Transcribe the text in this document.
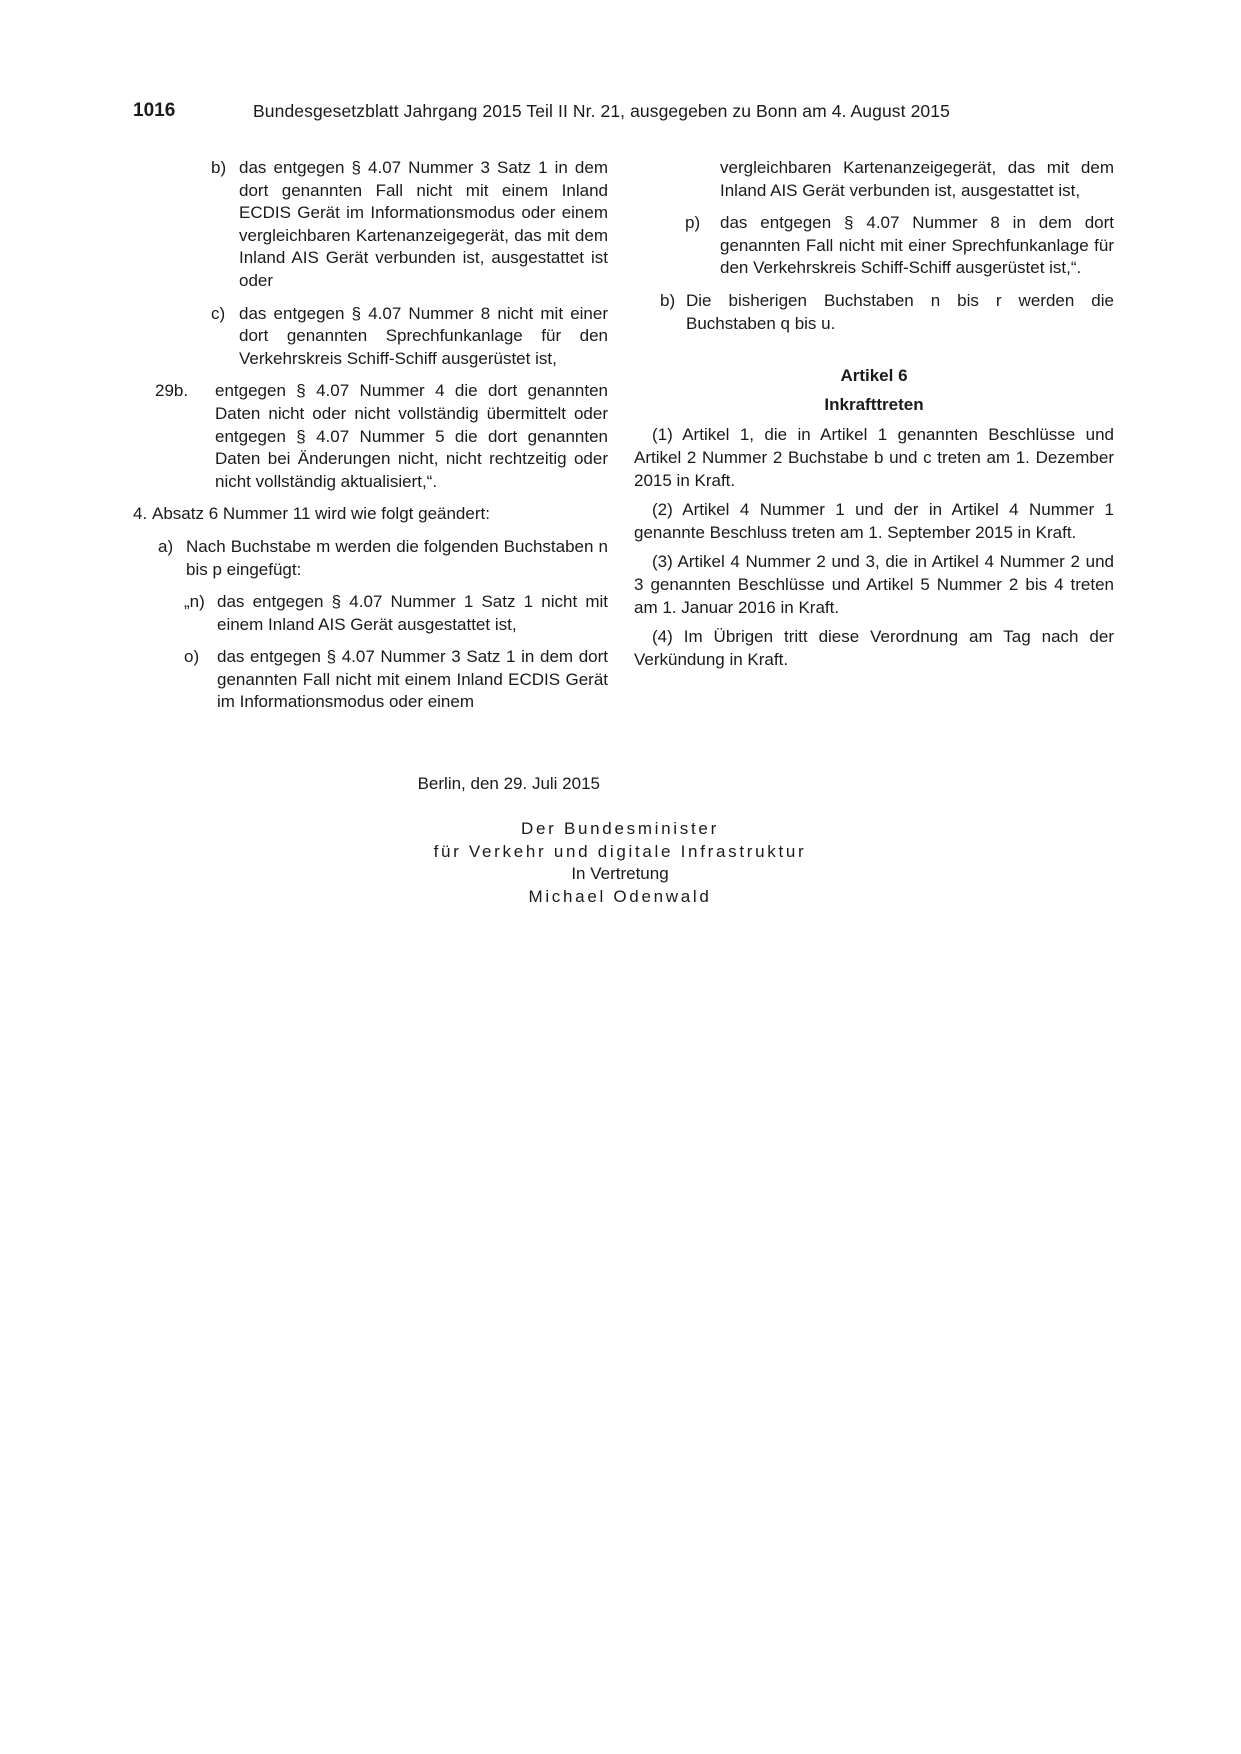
1016	Bundesgesetzblatt Jahrgang 2015 Teil II Nr. 21, ausgegeben zu Bonn am 4. August 2015
b) das entgegen § 4.07 Nummer 3 Satz 1 in dem dort genannten Fall nicht mit einem Inland ECDIS Gerät im Informationsmodus oder einem vergleichbaren Kartenanzeigegerät, das mit dem Inland AIS Gerät verbunden ist, ausgestattet ist oder
c) das entgegen § 4.07 Nummer 8 nicht mit einer dort genannten Sprechfunkanlage für den Verkehrskreis Schiff-Schiff ausgerüstet ist,
29b. entgegen § 4.07 Nummer 4 die dort genannten Daten nicht oder nicht vollständig übermittelt oder entgegen § 4.07 Nummer 5 die dort genannten Daten bei Änderungen nicht, nicht rechtzeitig oder nicht vollständig aktualisiert,“.
4. Absatz 6 Nummer 11 wird wie folgt geändert:
a) Nach Buchstabe m werden die folgenden Buchstaben n bis p eingefügt:
„n) das entgegen § 4.07 Nummer 1 Satz 1 nicht mit einem Inland AIS Gerät ausgestattet ist,
o) das entgegen § 4.07 Nummer 3 Satz 1 in dem dort genannten Fall nicht mit einem Inland ECDIS Gerät im Informationsmodus oder einem
vergleichbaren Kartenanzeigegerät, das mit dem Inland AIS Gerät verbunden ist, ausgestattet ist,
p) das entgegen § 4.07 Nummer 8 in dem dort genannten Fall nicht mit einer Sprechfunkanlage für den Verkehrskreis Schiff-Schiff ausgerüstet ist,“.
b) Die bisherigen Buchstaben n bis r werden die Buchstaben q bis u.
Artikel 6
Inkrafttreten

(1) Artikel 1, die in Artikel 1 genannten Beschlüsse und Artikel 2 Nummer 2 Buchstabe b und c treten am 1. Dezember 2015 in Kraft.

(2) Artikel 4 Nummer 1 und der in Artikel 4 Nummer 1 genannte Beschluss treten am 1. September 2015 in Kraft.

(3) Artikel 4 Nummer 2 und 3, die in Artikel 4 Nummer 2 und 3 genannten Beschlüsse und Artikel 5 Nummer 2 bis 4 treten am 1. Januar 2016 in Kraft.

(4) Im Übrigen tritt diese Verordnung am Tag nach der Verkündung in Kraft.

Berlin, den 29. Juli 2015
Der Bundesminister
für Verkehr und digitale Infrastruktur
In Vertretung
Michael Odenwald
